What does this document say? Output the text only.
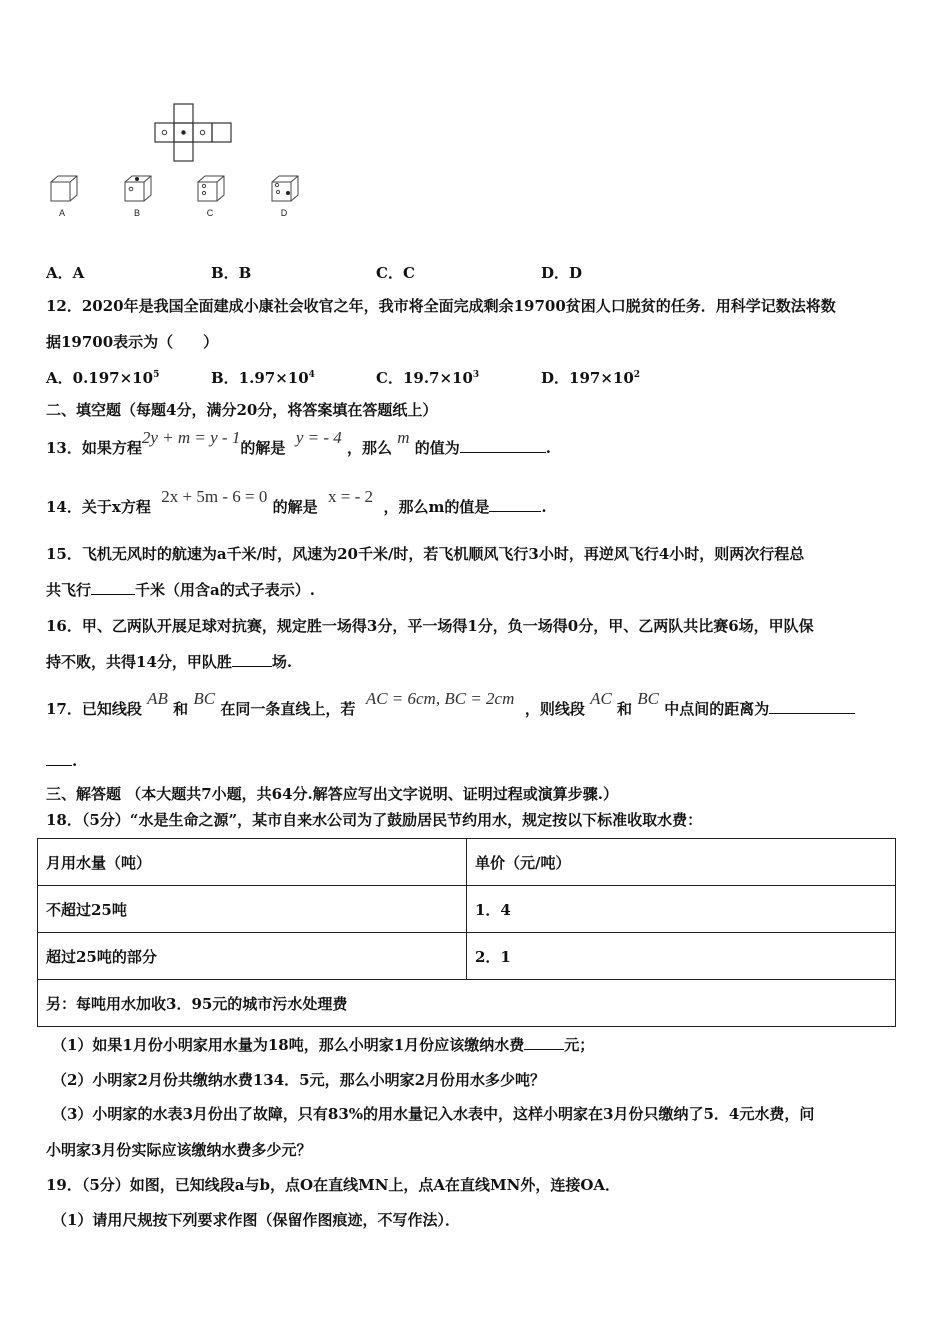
A	B	C	D
A．A	B．B	C．C	D．D
12．2020年是我国全面建成小康社会收官之年，我市将全面完成剩余19700贫困人口脱贫的任务．用科学记数法将数
据19700表示为（　　）
A．$0.197\times 10^5$	B．$1.97\times 10^4$	C．$19.7\times 10^3$	D．$197\times 10^2$
二、填空题（每题4分，满分20分，将答案填在答题纸上）
13．如果方程2y + m = y - 1的解是  y = - 4 ，那么 m 的值为	.
14．关于x方程  2x + 5m - 6 = 0 的解是  x = - 2  ，那么m的值是	.
15．飞机无风时的航速为a千米/时，风速为20千米/时，若飞机顺风飞行3小时，再逆风飞行4小时，则两次行程总
共飞行	千米（用含a的式子表示）.
16．甲、乙两队开展足球对抗赛，规定胜一场得3分，平一场得1分，负一场得0分，甲、乙两队共比赛6场，甲队保
持不败，共得14分，甲队胜	场.
17．已知线段 AB 和 BC 在同一条直线上，若  AC = 6cm, BC = 2cm  ，则线段 AC 和 BC 中点间的距离为
.
三、解答题 （本大题共7小题，共64分.解答应写出文字说明、证明过程或演算步骤.）
18．（5分）“水是生命之源”，某市自来水公司为了鼓励居民节约用水，规定按以下标准收取水费：
月用水量（吨）	单价（元/吨）
不超过25吨	1．4
超过25吨的部分	2．1
另：每吨用水加收3．95元的城市污水处理费	
（1）如果1月份小明家用水量为18吨，那么小明家1月份应该缴纳水费	元；
（2）小明家2月份共缴纳水费134．5元，那么小明家2月份用水多少吨？
（3）小明家的水表3月份出了故障，只有83%的用水量记入水表中，这样小明家在3月份只缴纳了5．4元水费，问
小明家3月份实际应该缴纳水费多少元？
19．（5分）如图，已知线段a与b，点O在直线MN上，点A在直线MN外，连接OA．
（1）请用尺规按下列要求作图（保留作图痕迹，不写作法）．
